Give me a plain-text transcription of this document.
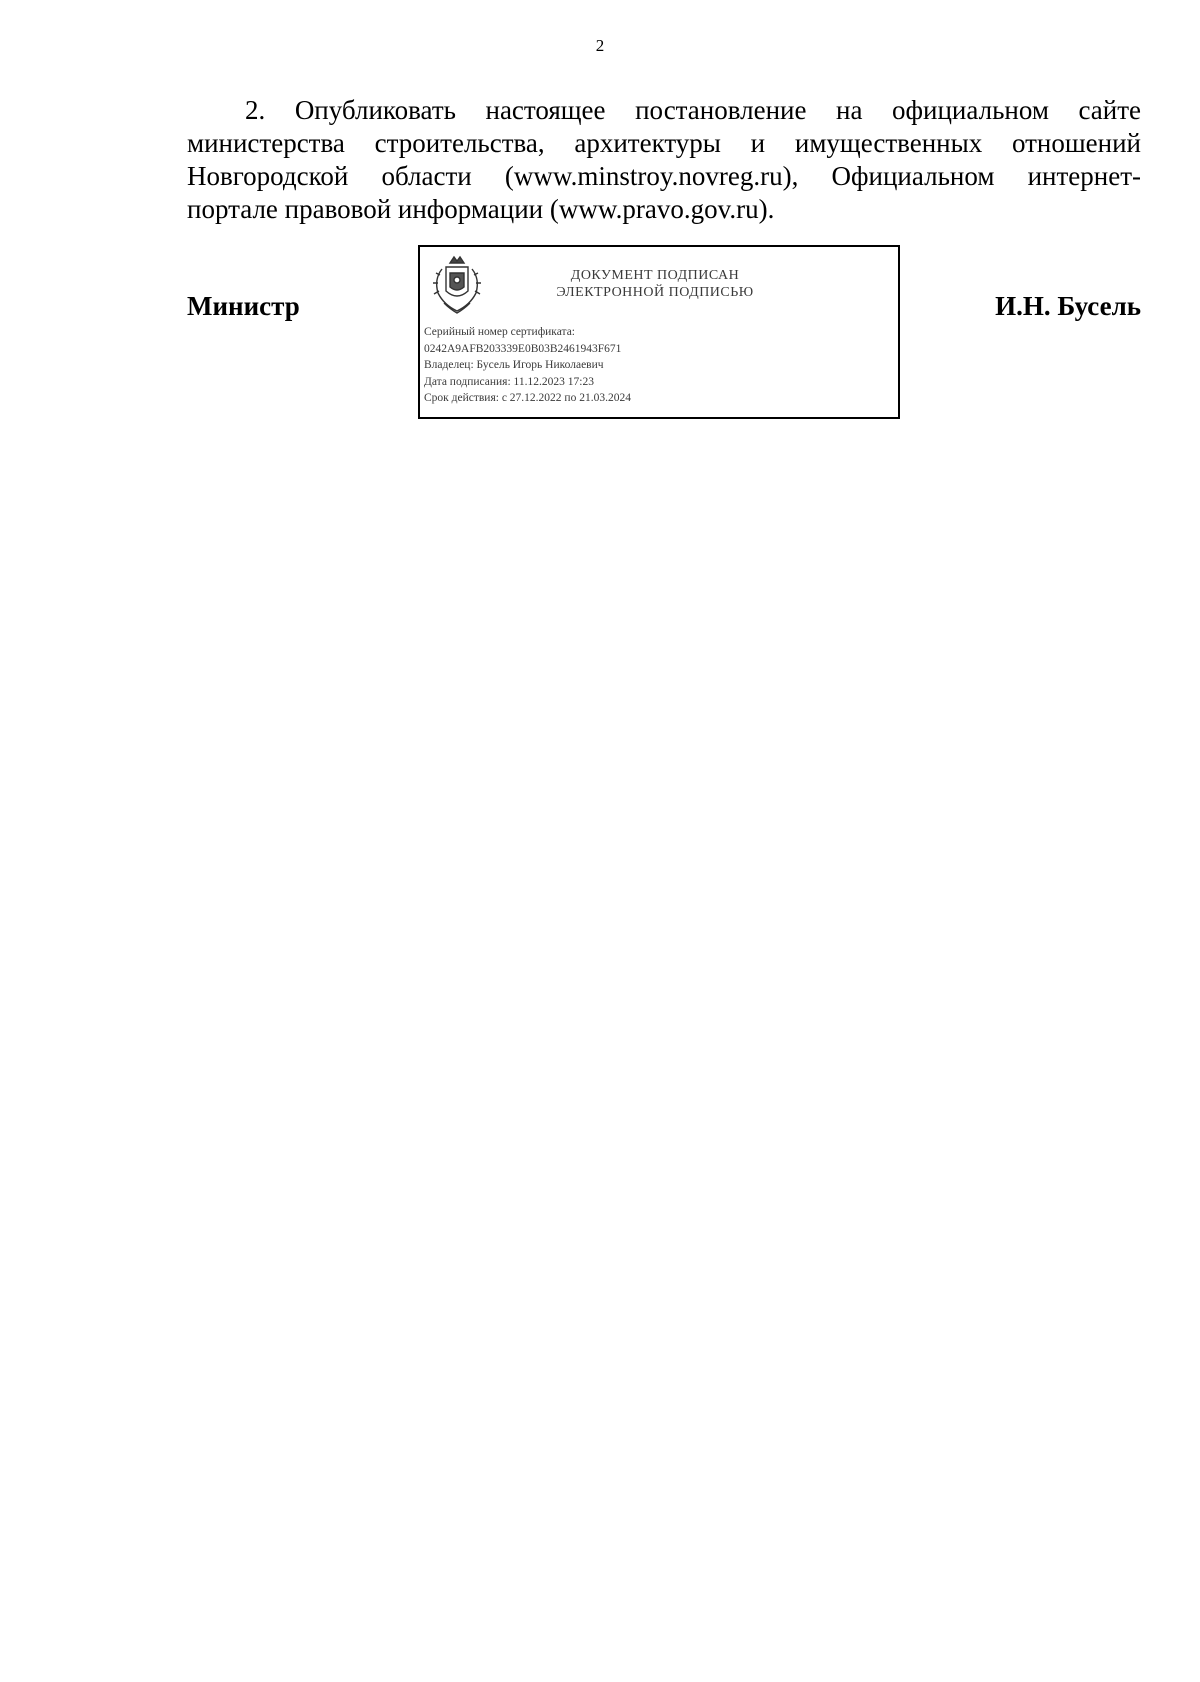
2

2. Опубликовать настоящее постановление на официальном сайте
министерства строительства, архитектуры и имущественных отношений
Новгородской области (www.minstroy.novreg.ru), Официальном интернет-
портале правовой информации (www.pravo.gov.ru).

Министр
ДОКУМЕНТ ПОДПИСАН
ЭЛЕКТРОННОЙ ПОДПИСЬЮ
Серийный номер сертификата:
0242A9AFB203339E0B03B2461943F671
Владелец: Бусель Игорь Николаевич
Дата подписания: 11.12.2023 17:23
Срок действия: с 27.12.2022 по 21.03.2024
И.Н. Бусель
